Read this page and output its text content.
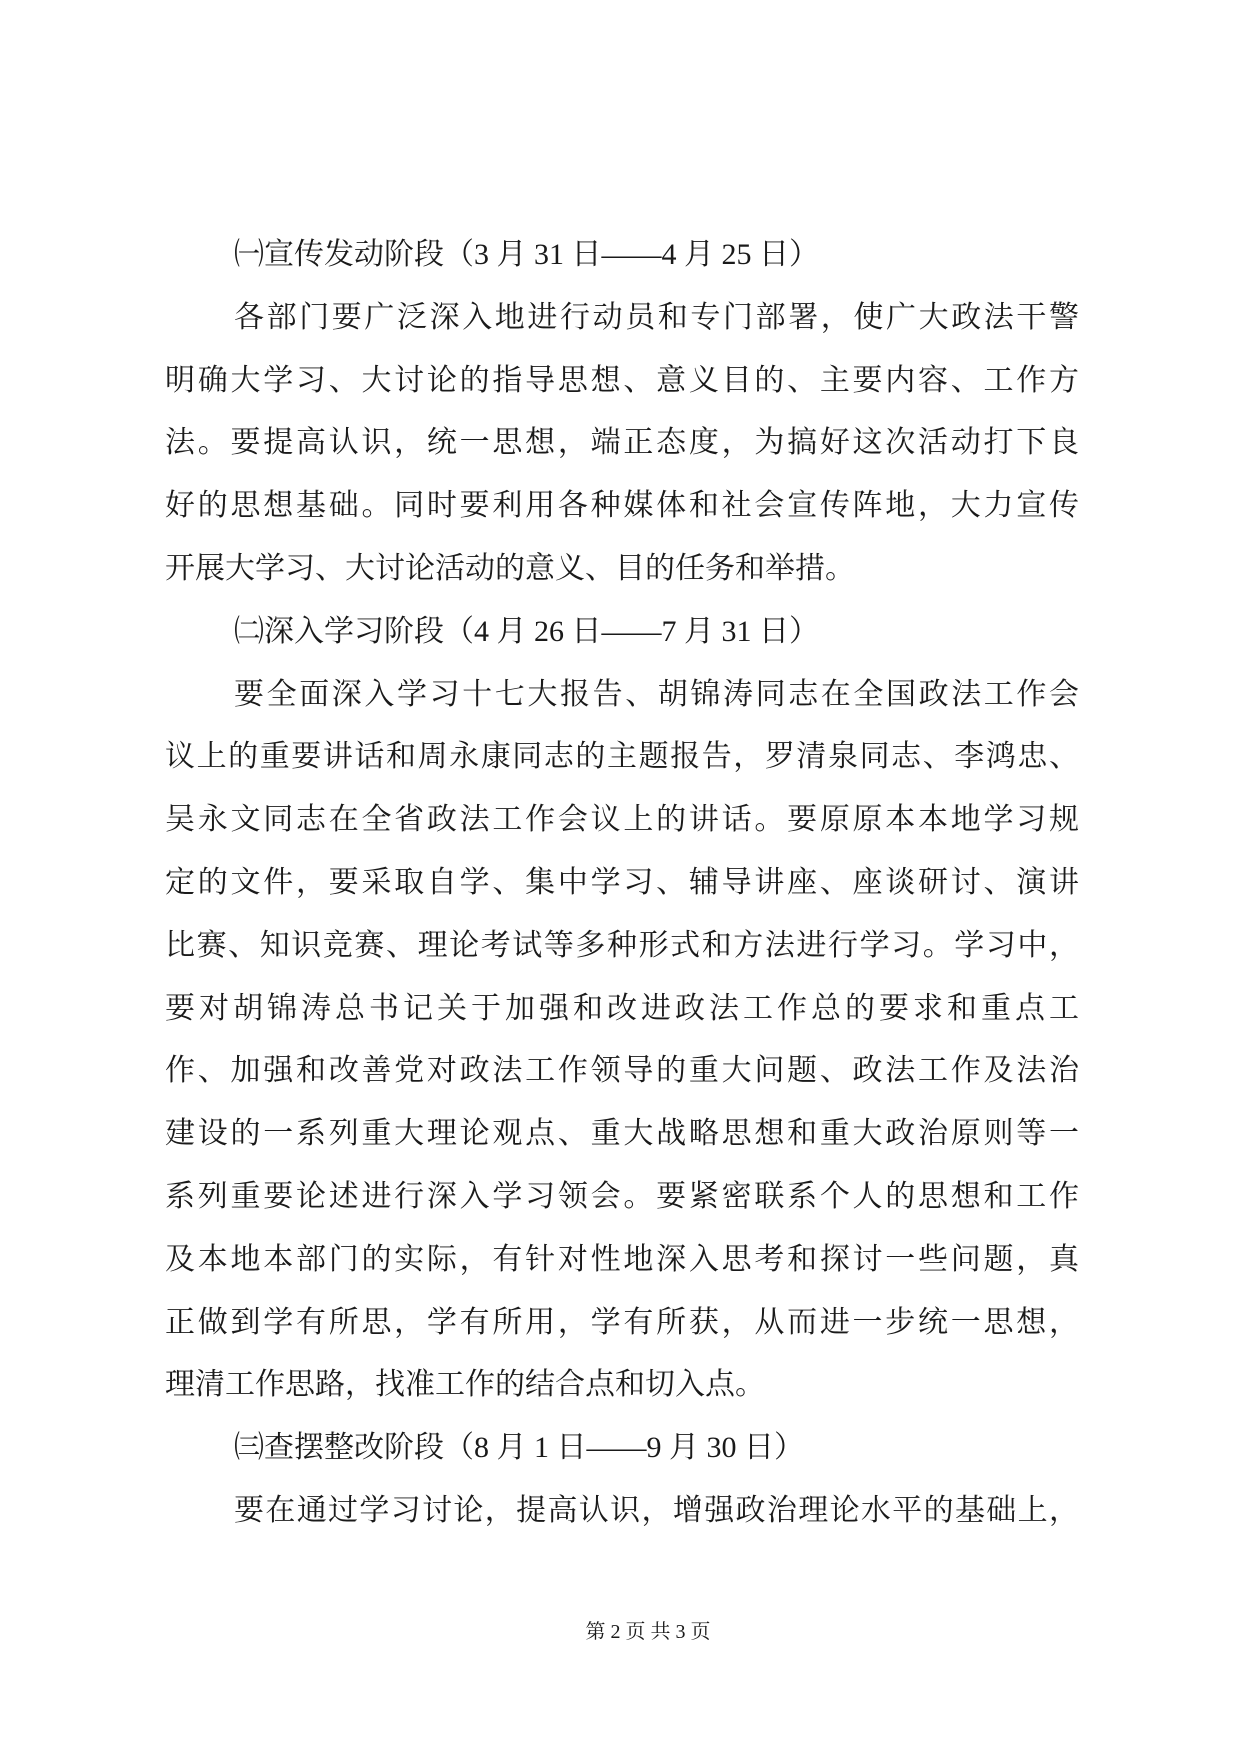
㈠宣传发动阶段（3 月 31 日——4 月 25 日）
各部门要广泛深入地进行动员和专门部署，使广大政法干警
明确大学习、大讨论的指导思想、意义目的、主要内容、工作方
法。要提高认识，统一思想，端正态度，为搞好这次活动打下良
好的思想基础。同时要利用各种媒体和社会宣传阵地，大力宣传
开展大学习、大讨论活动的意义、目的任务和举措。
㈡深入学习阶段（4 月 26 日——7 月 31 日）
要全面深入学习十七大报告、胡锦涛同志在全国政法工作会
议上的重要讲话和周永康同志的主题报告，罗清泉同志、李鸿忠、
吴永文同志在全省政法工作会议上的讲话。要原原本本地学习规
定的文件，要采取自学、集中学习、辅导讲座、座谈研讨、演讲
比赛、知识竞赛、理论考试等多种形式和方法进行学习。学习中，
要对胡锦涛总书记关于加强和改进政法工作总的要求和重点工
作、加强和改善党对政法工作领导的重大问题、政法工作及法治
建设的一系列重大理论观点、重大战略思想和重大政治原则等一
系列重要论述进行深入学习领会。要紧密联系个人的思想和工作
及本地本部门的实际，有针对性地深入思考和探讨一些问题，真
正做到学有所思，学有所用，学有所获，从而进一步统一思想，
理清工作思路，找准工作的结合点和切入点。
㈢查摆整改阶段（8 月 1 日——9 月 30 日）
要在通过学习讨论，提高认识，增强政治理论水平的基础上，
第 2 页 共 3 页
